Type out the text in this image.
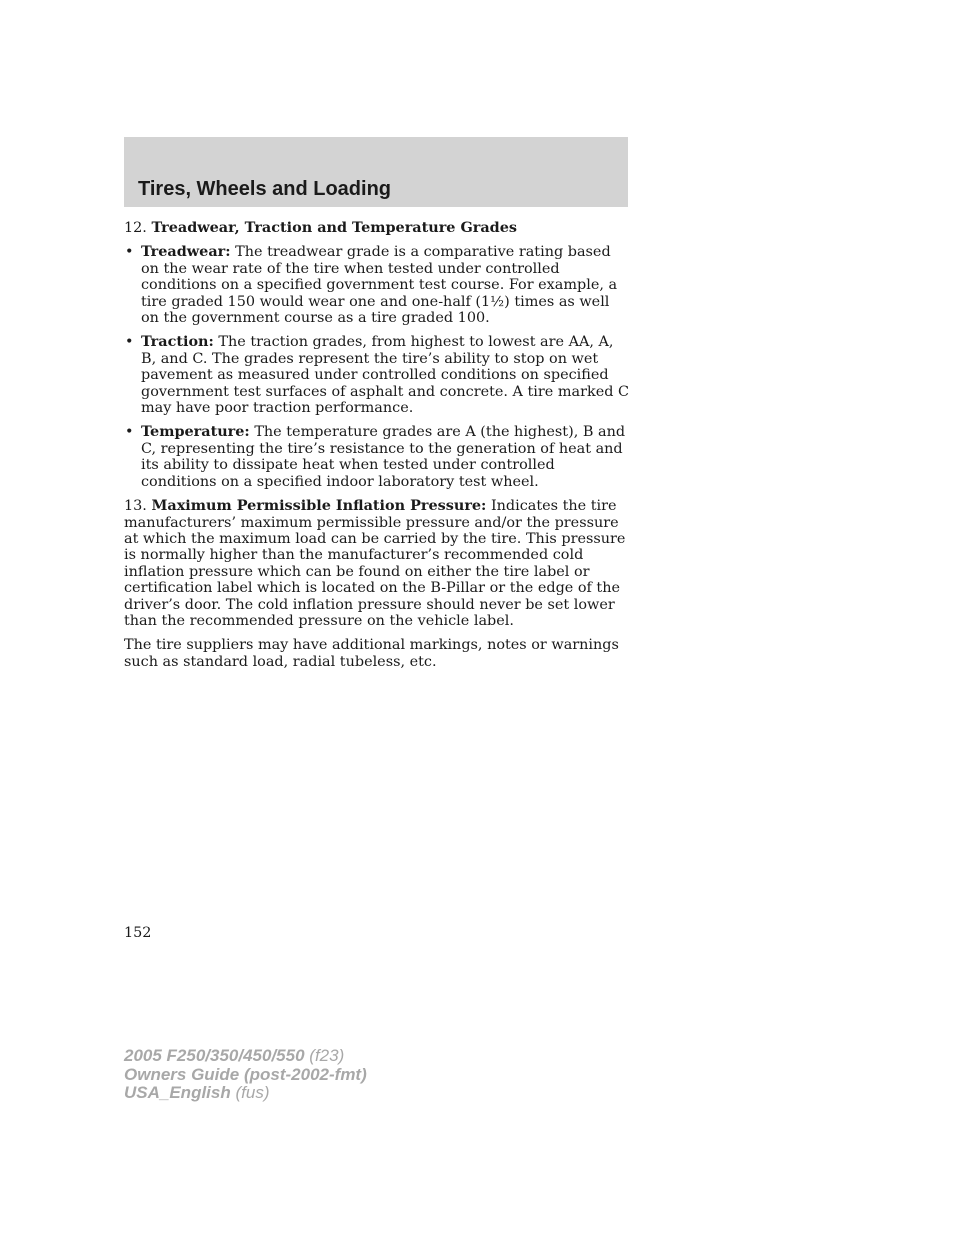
Tires, Wheels and Loading

12. Treadwear, Traction and Temperature Grades

• Treadwear: The treadwear grade is a comparative rating based on the wear rate of the tire when tested under controlled conditions on a specified government test course. For example, a tire graded 150 would wear one and one-half (1½) times as well on the government course as a tire graded 100.
• Traction: The traction grades, from highest to lowest are AA, A, B, and C. The grades represent the tire’s ability to stop on wet pavement as measured under controlled conditions on specified government test surfaces of asphalt and concrete. A tire marked C may have poor traction performance.
• Temperature: The temperature grades are A (the highest), B and C, representing the tire’s resistance to the generation of heat and its ability to dissipate heat when tested under controlled conditions on a specified indoor laboratory test wheel.

13. Maximum Permissible Inflation Pressure: Indicates the tire manufacturers’ maximum permissible pressure and/or the pressure at which the maximum load can be carried by the tire. This pressure is normally higher than the manufacturer’s recommended cold inflation pressure which can be found on either the tire label or certification label which is located on the B-Pillar or the edge of the driver’s door. The cold inflation pressure should never be set lower than the recommended pressure on the vehicle label.

The tire suppliers may have additional markings, notes or warnings such as standard load, radial tubeless, etc.

152
2005 F250/350/450/550 (f23)
Owners Guide (post-2002-fmt)
USA_English (fus)
